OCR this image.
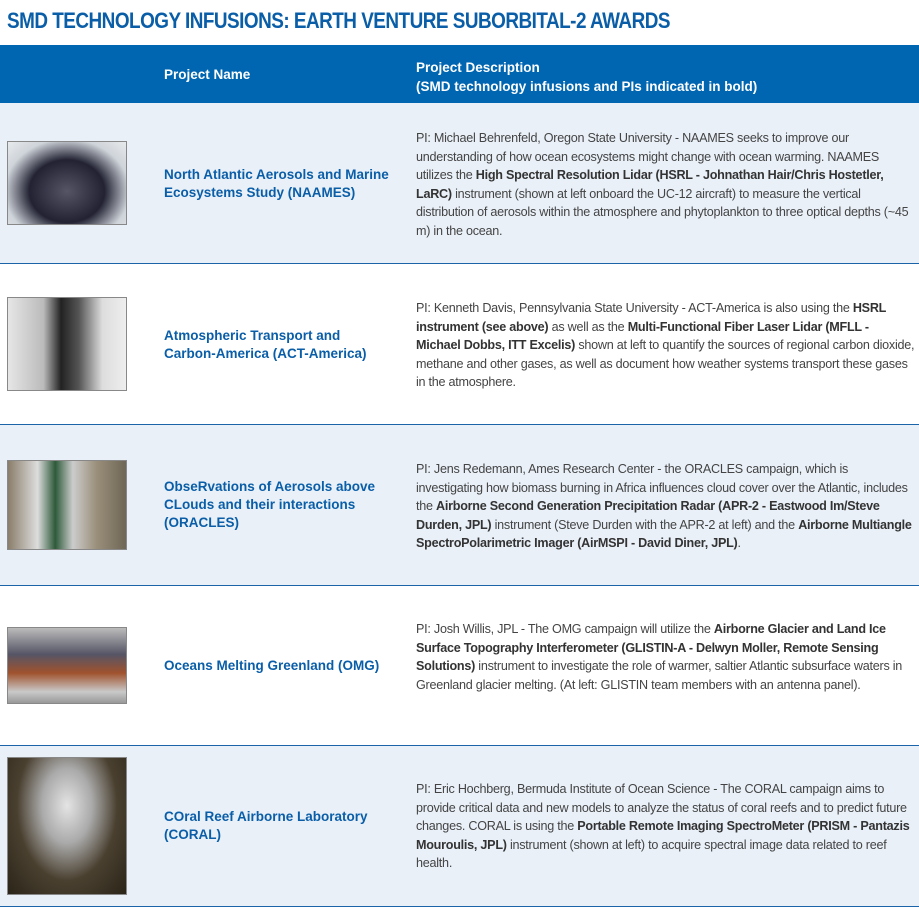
SMD TECHNOLOGY INFUSIONS: EARTH VENTURE SUBORBITAL-2 AWARDS
Project Name	Project Description
(SMD technology infusions and PIs indicated in bold)
North Atlantic Aerosols and Marine Ecosystems Study (NAAMES)
PI: Michael Behrenfeld, Oregon State University - NAAMES seeks to improve our understanding of how ocean ecosystems might change with ocean warming. NAAMES utilizes the High Spectral Resolution Lidar (HSRL - Johnathan Hair/Chris Hostetler, LaRC) instrument (shown at left onboard the UC-12 aircraft) to measure the vertical distribution of aerosols within the atmosphere and phytoplankton to three optical depths (~45 m) in the ocean.
Atmospheric Transport and Carbon-America (ACT-America)
PI: Kenneth Davis, Pennsylvania State University - ACT-America is also using the HSRL instrument (see above) as well as the Multi-Functional Fiber Laser Lidar (MFLL - Michael Dobbs, ITT Excelis) shown at left to quantify the sources of regional carbon dioxide, methane and other gases, as well as document how weather systems transport these gases in the atmosphere.
ObseRvations of Aerosols above CLouds and their interactions (ORACLES)
PI: Jens Redemann, Ames Research Center - the ORACLES campaign, which is investigating how biomass burning in Africa influences cloud cover over the Atlantic, includes the Airborne Second Generation Precipitation Radar (APR-2 - Eastwood Im/Steve Durden, JPL) instrument (Steve Durden with the APR-2 at left) and the Airborne Multiangle SpectroPolarimetric Imager (AirMSPI - David Diner, JPL).
Oceans Melting Greenland (OMG)
PI: Josh Willis, JPL - The OMG campaign will utilize the Airborne Glacier and Land Ice Surface Topography Interferometer (GLISTIN-A - Delwyn Moller, Remote Sensing Solutions) instrument to investigate the role of warmer, saltier Atlantic subsurface waters in Greenland glacier melting. (At left: GLISTIN team members with an antenna panel).
COral Reef Airborne Laboratory (CORAL)
PI: Eric Hochberg, Bermuda Institute of Ocean Science - The CORAL campaign aims to provide critical data and new models to analyze the status of coral reefs and to predict future changes. CORAL is using the Portable Remote Imaging SpectroMeter (PRISM - Pantazis Mouroulis, JPL) instrument (shown at left) to acquire spectral image data related to reef health.
